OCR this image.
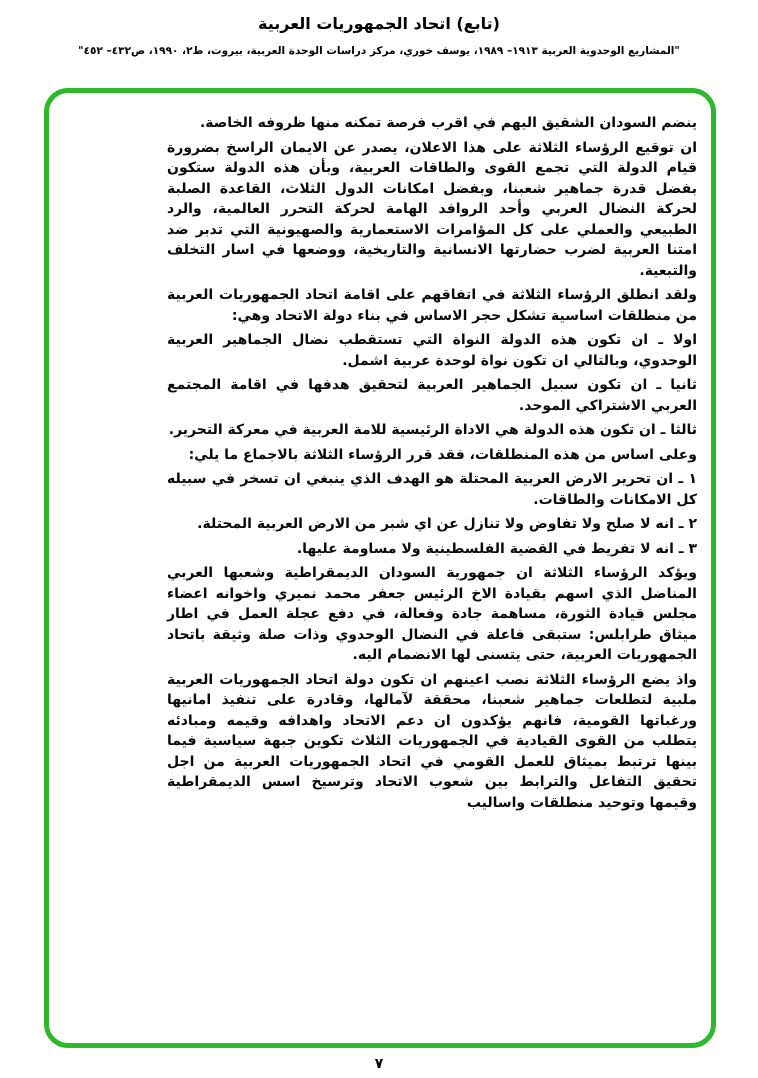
(تابع) اتحاد الجمهوريات العربية
"المشاريع الوحدوية العربية ١٩١٣– ١٩٨٩، يوسف خوري، مركز دراسات الوحدة العربية، بيروت، ط٢، ١٩٩٠، ص٤٣٢– ٤٥٢"

ينضم السودان الشقيق اليهم في اقرب فرصة تمكنه منها ظروفه الخاصة.

ان توقيع الرؤساء الثلاثة على هذا الاعلان، يصدر عن الايمان الراسخ بضرورة قيام الدولة التي تجمع القوى والطاقات العربية، وبأن هذه الدولة ستكون بفضل قدرة جماهير شعبنا، وبفضل امكانات الدول الثلاث، القاعدة الصلبة لحركة النضال العربي وأحد الروافد الهامة لحركة التحرر العالمية، والرد الطبيعي والعملي على كل المؤامرات الاستعمارية والصهيونية التي تدبر ضد امتنا العربية لضرب حضارتها الانسانية والتاريخية، ووضعها في اسار التخلف والتبعية.

ولقد انطلق الرؤساء الثلاثة في اتفاقهم على اقامة اتحاد الجمهوريات العربية من منطلقات اساسية تشكل حجر الاساس في بناء دولة الاتحاد وهي:

اولا ـ ان تكون هذه الدولة النواة التي تستقطب نضال الجماهير العربية الوحدوي، وبالتالي ان تكون نواة لوحدة عربية اشمل.

ثانيا ـ ان تكون سبيل الجماهير العربية لتحقيق هدفها في اقامة المجتمع العربي الاشتراكي الموحد.

ثالثا ـ ان تكون هذه الدولة هي الاداة الرئيسية للامة العربية في معركة التحرير.

وعلى اساس من هذه المنطلقات، فقد قرر الرؤساء الثلاثة بالاجماع ما يلي:

١ ـ ان تحرير الارض العربية المحتلة هو الهدف الذي ينبغي ان تسخر في سبيله كل الامكانات والطاقات.

٢ ـ انه لا صلح ولا تفاوض ولا تنازل عن اي شبر من الارض العربية المحتلة.

٣ ـ انه لا تفريط في القضية الفلسطينية ولا مساومة عليها.

ويؤكد الرؤساء الثلاثة ان جمهورية السودان الديمقراطية وشعبها العربي المناضل الذي اسهم بقيادة الاخ الرئيس جعفر محمد نميري واخوانه اعضاء مجلس قيادة الثورة، مساهمة جادة وفعالة، في دفع عجلة العمل في اطار ميثاق طرابلس: ستبقى فاعلة في النضال الوحدوي وذات صلة وثيقة باتحاد الجمهوريات العربية، حتى يتسنى لها الانضمام اليه.

واذ يضع الرؤساء الثلاثة نصب اعينهم ان تكون دولة اتحاد الجمهوريات العربية ملبية لتطلعات جماهير شعبنا، محققة لآمالها، وقادرة على تنفيذ امانيها ورغباتها القومية، فانهم يؤكدون ان دعم الاتحاد واهدافه وقيمه ومبادئه يتطلب من القوى القيادية في الجمهوريات الثلاث تكوين جبهة سياسية فيما بينها ترتبط بميثاق للعمل القومي في اتحاد الجمهوريات العربية من اجل تحقيق التفاعل والترابط بين شعوب الاتحاد وترسيخ اسس الديمقراطية وقيمها وتوحيد منطلقات واساليب

٧
